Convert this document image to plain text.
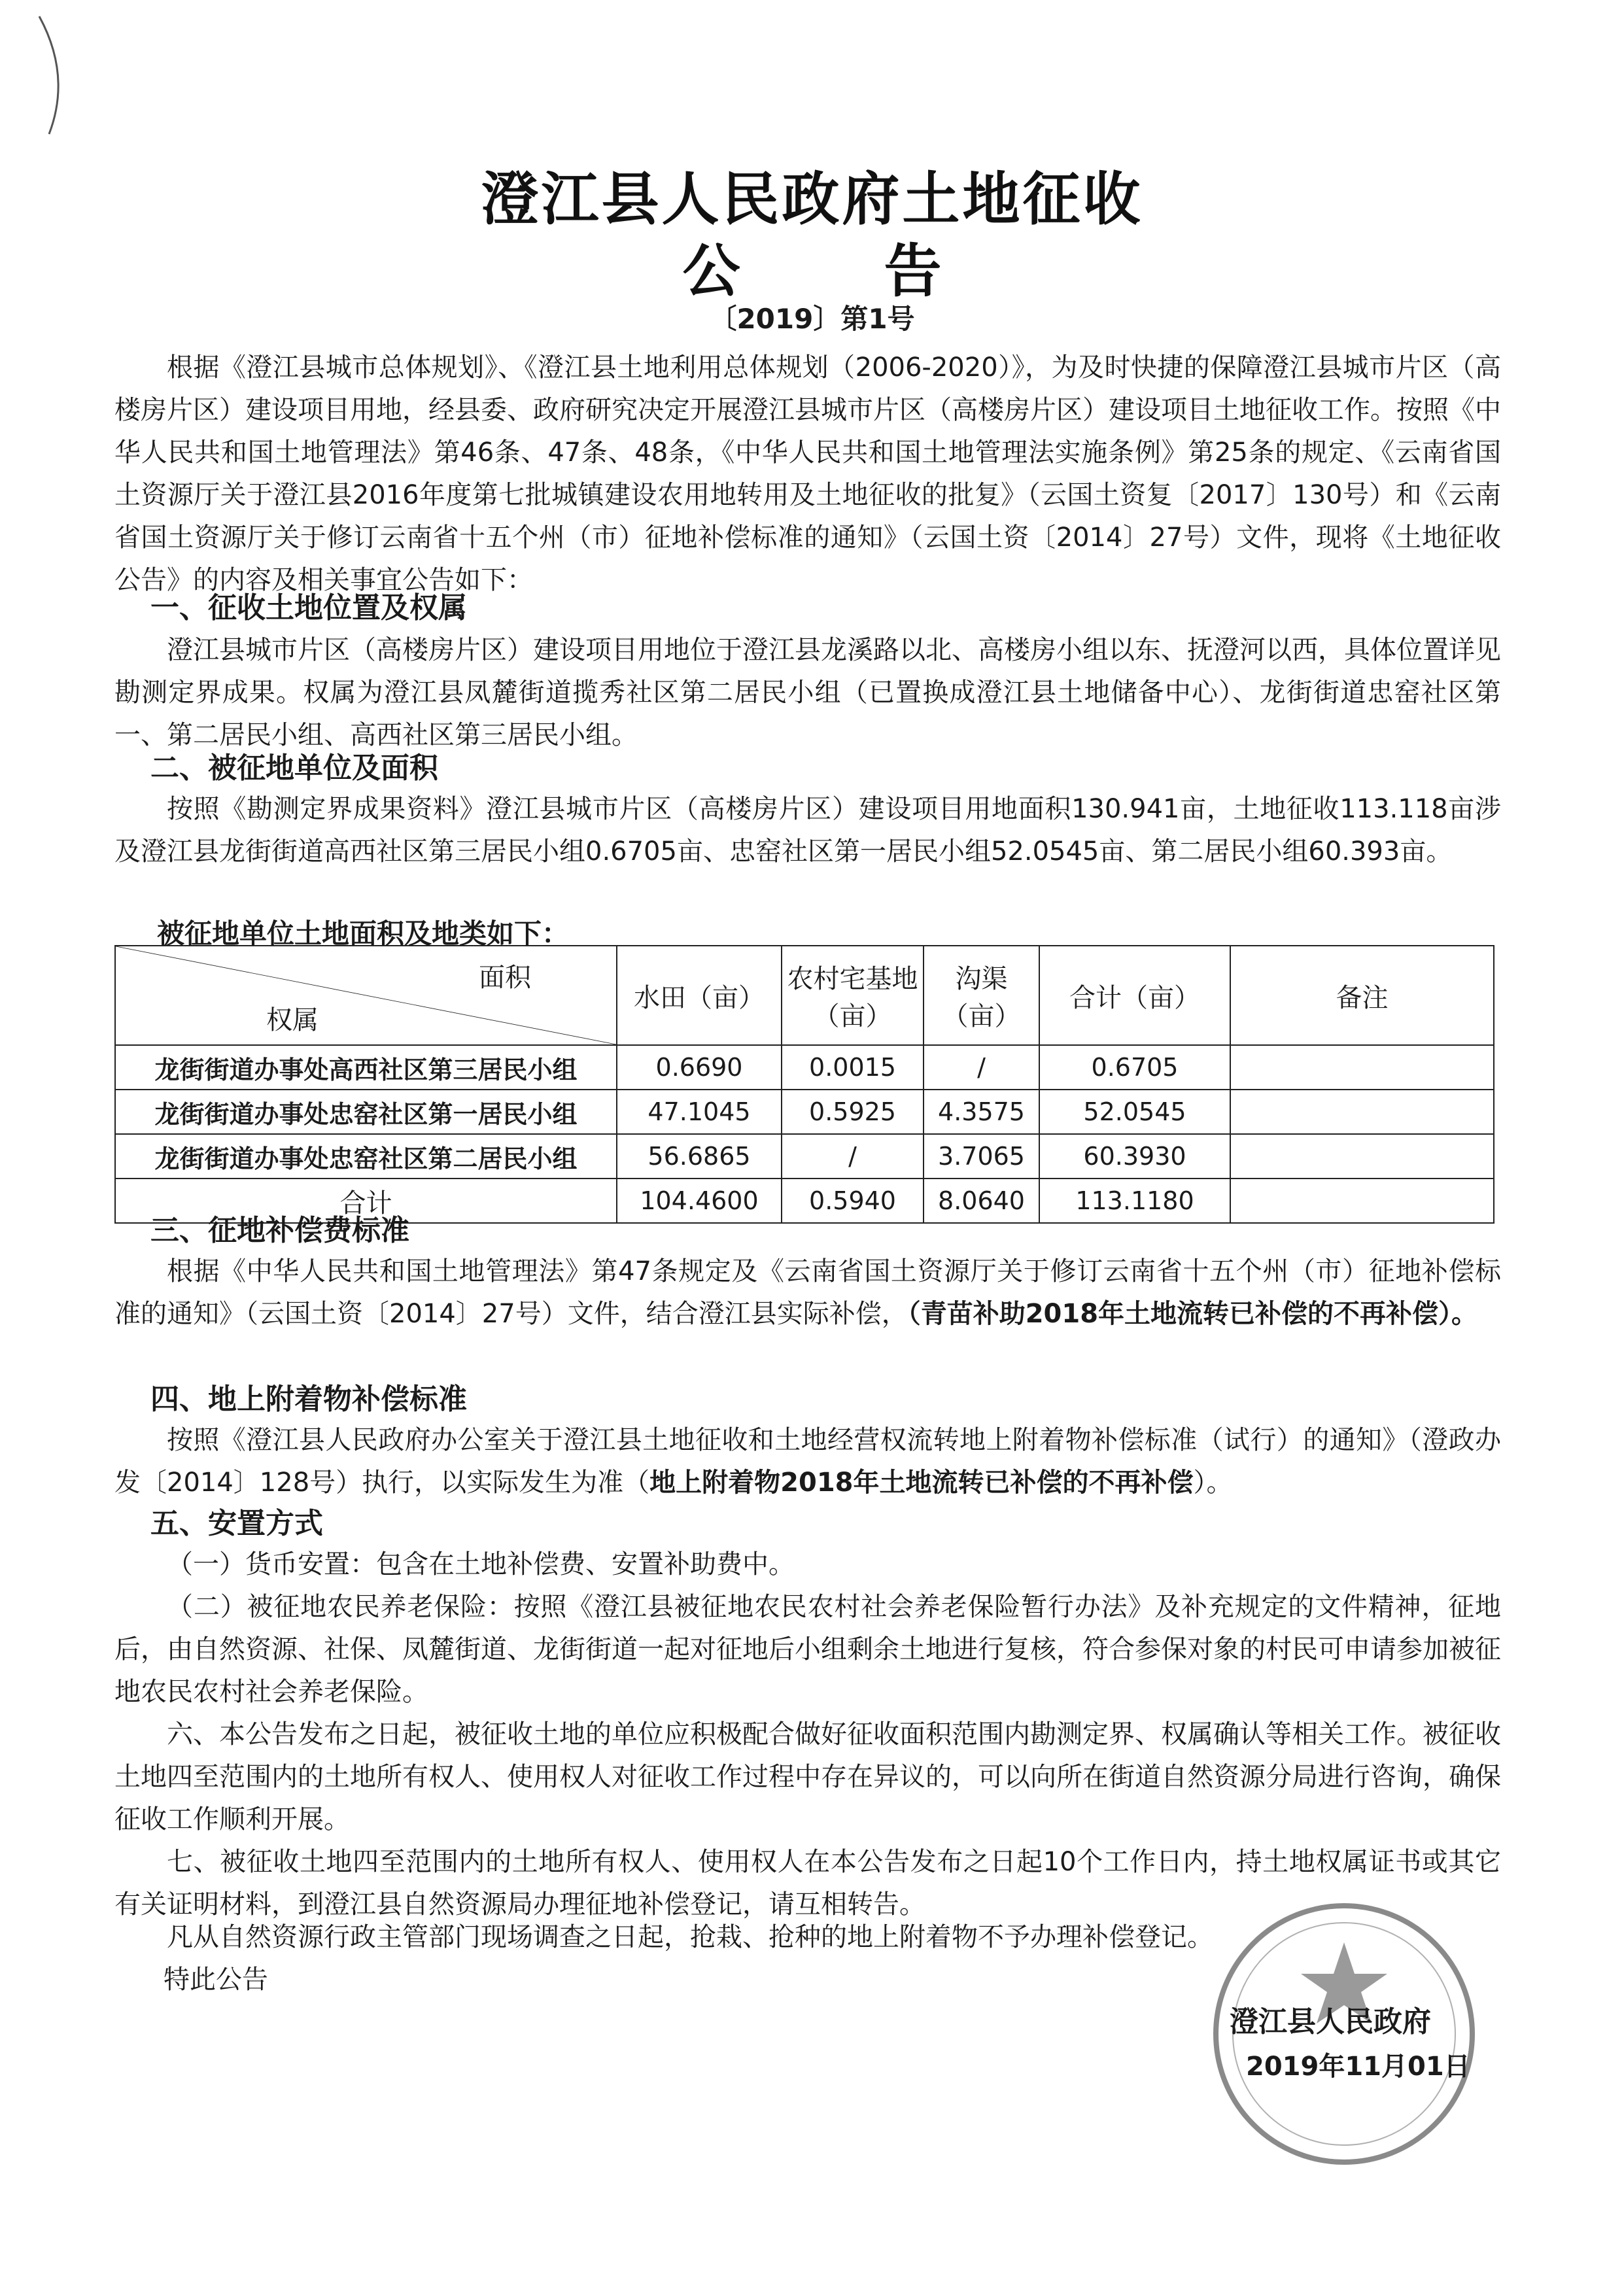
澄江县人民政府土地征收
公	告
〔2019〕第1号

根据《澄江县城市总体规划》、《澄江县土地利用总体规划（2006-2020）》，为及时快捷的保障澄江县城市片区（高楼房片区）建设项目用地，经县委、政府研究决定开展澄江县城市片区（高楼房片区）建设项目土地征收工作。按照《中华人民共和国土地管理法》第46条、47条、48条，《中华人民共和国土地管理法实施条例》第25条的规定、《云南省国土资源厅关于澄江县2016年度第七批城镇建设农用地转用及土地征收的批复》（云国土资复〔2017〕130号）和《云南省国土资源厅关于修订云南省十五个州（市）征地补偿标准的通知》（云国土资〔2014〕27号）文件，现将《土地征收公告》的内容及相关事宜公告如下：

一、征收土地位置及权属

澄江县城市片区（高楼房片区）建设项目用地位于澄江县龙溪路以北、高楼房小组以东、抚澄河以西，具体位置详见勘测定界成果。权属为澄江县凤麓街道揽秀社区第二居民小组（已置换成澄江县土地储备中心）、龙街街道忠窑社区第一、第二居民小组、高西社区第三居民小组。

二、被征地单位及面积

按照《勘测定界成果资料》澄江县城市片区（高楼房片区）建设项目用地面积130.941亩，土地征收113.118亩涉及澄江县龙街街道高西社区第三居民小组0.6705亩、忠窑社区第一居民小组52.0545亩、第二居民小组60.393亩。

被征地单位土地面积及地类如下：
面积
权属	水田（亩）	农村宅基地（亩）	沟渠（亩）	合计（亩）	备注
龙街街道办事处高西社区第三居民小组	0.6690	0.0015	/	0.6705	
龙街街道办事处忠窑社区第一居民小组	47.1045	0.5925	4.3575	52.0545	
龙街街道办事处忠窑社区第二居民小组	56.6865	/	3.7065	60.3930	
合计	104.4600	0.5940	8.0640	113.1180	
三、征地补偿费标准

根据《中华人民共和国土地管理法》第47条规定及《云南省国土资源厅关于修订云南省十五个州（市）征地补偿标准的通知》（云国土资〔2014〕27号）文件，结合澄江县实际补偿，（青苗补助2018年土地流转已补偿的不再补偿）。

四、地上附着物补偿标准

按照《澄江县人民政府办公室关于澄江县土地征收和土地经营权流转地上附着物补偿标准（试行）的通知》（澄政办发〔2014〕128号）执行，以实际发生为准（地上附着物2018年土地流转已补偿的不再补偿）。

五、安置方式

（一）货币安置：包含在土地补偿费、安置补助费中。

（二）被征地农民养老保险：按照《澄江县被征地农民农村社会养老保险暂行办法》及补充规定的文件精神，征地后，由自然资源、社保、凤麓街道、龙街街道一起对征地后小组剩余土地进行复核，符合参保对象的村民可申请参加被征地农民农村社会养老保险。

六、本公告发布之日起，被征收土地的单位应积极配合做好征收面积范围内勘测定界、权属确认等相关工作。被征收土地四至范围内的土地所有权人、使用权人对征收工作过程中存在异议的，可以向所在街道自然资源分局进行咨询，确保征收工作顺利开展。

七、被征收土地四至范围内的土地所有权人、使用权人在本公告发布之日起10个工作日内，持土地权属证书或其它有关证明材料，到澄江县自然资源局办理征地补偿登记，请互相转告。

凡从自然资源行政主管部门现场调查之日起，抢栽、抢种的地上附着物不予办理补偿登记。

特此公告
澄江县人民政府
2019年11月01日
